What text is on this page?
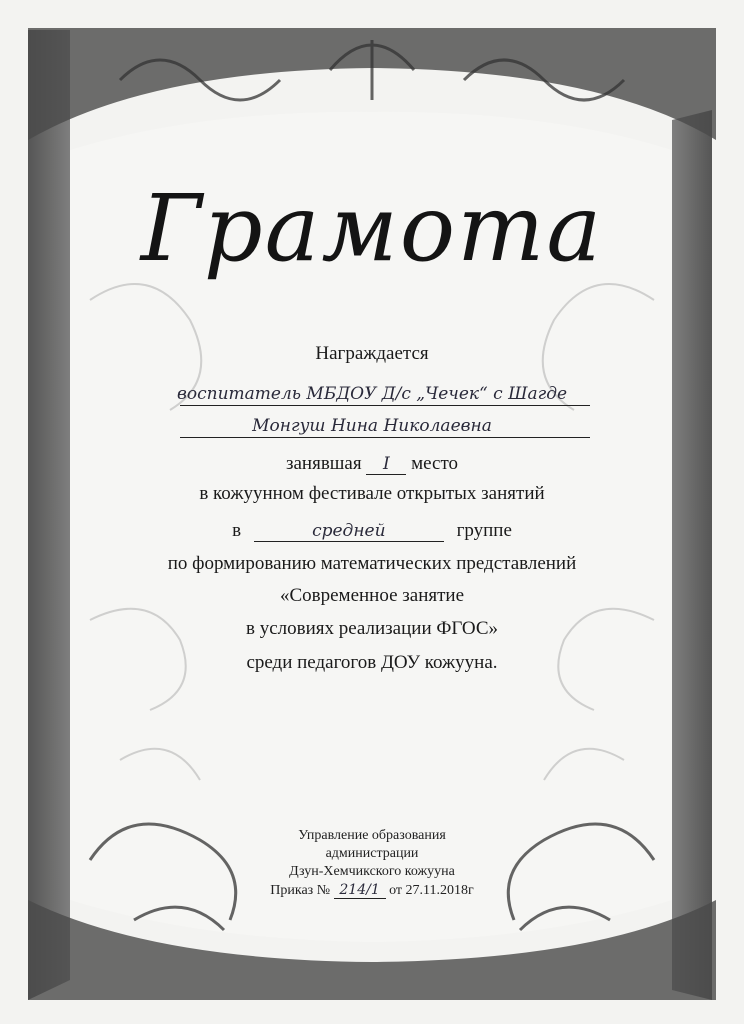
Грамота
Награждается
воспитатель МБДОУ Д/с „Чечек“ с Шагде
Монгуш Нина Николаевна
занявшая I место
в кожуунном фестивале открытых занятий
в	средней	группе
по формированию математических представлений
«Современное занятие
в условиях реализации ФГОС»
среди педагогов ДОУ кожууна.
Управление образования
администрации
Дзун-Хемчикского кожууна
Приказ № 214/1 от 27.11.2018г
